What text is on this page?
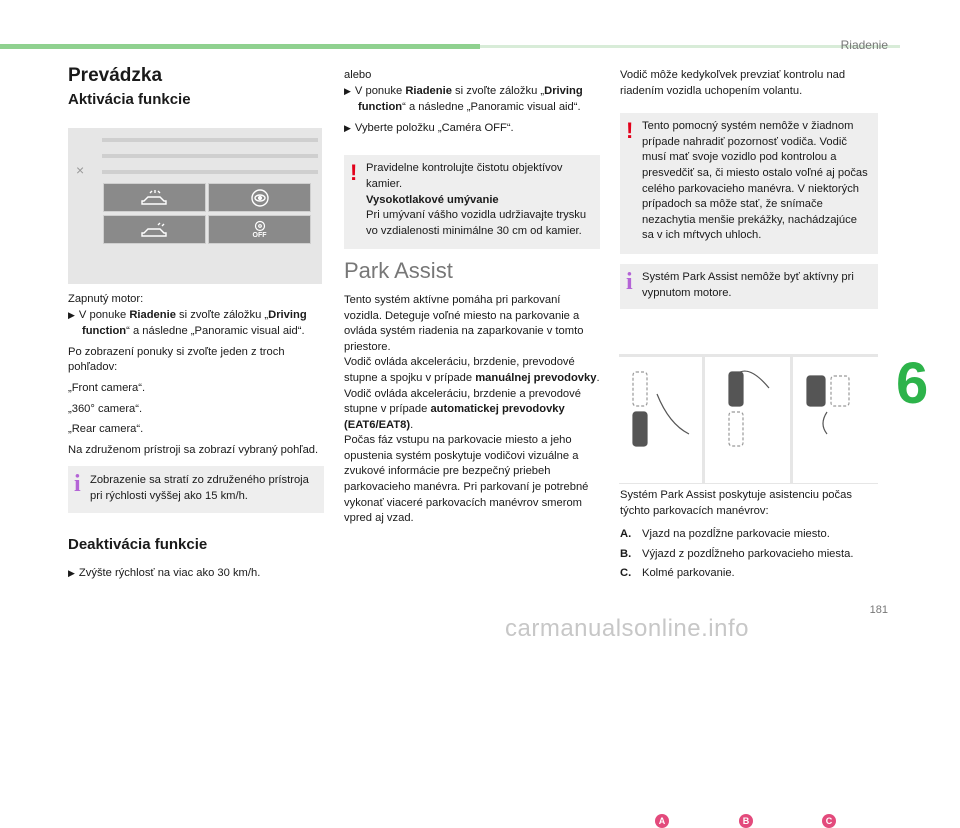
Riadenie
6
181
carmanualsonline.info
Prevádzka
Aktivácia funkcie
×
OFF

Zapnutý motor:

▶ V ponuke Riadenie si zvoľte záložku „Driving function“ a následne „Panoramic visual aid“.

Po zobrazení ponuky si zvoľte jeden z troch pohľadov:

„Front camera“.

„360° camera“.

„Rear camera“.

Na združenom prístroji sa zobrazí vybraný pohľad.

i Zobrazenie sa stratí zo združeného prístroja pri rýchlosti vyššej ako 15 km/h.
Deaktivácia funkcie

▶ Zvýšte rýchlosť na viac ako 30 km/h.

alebo

▶ V ponuke Riadenie si zvoľte záložku „Driving function“ a následne „Panoramic visual aid“.

▶ Vyberte položku „Caméra OFF“.

! Pravidelne kontrolujte čistotu objektívov kamier.
Vysokotlakové umývanie
Pri umývaní vášho vozidla udržiavajte trysku vo vzdialenosti minimálne 30 cm od kamier.
Park Assist

Tento systém aktívne pomáha pri parkovaní vozidla. Deteguje voľné miesto na parkovanie a ovláda systém riadenia na zaparkovanie v tomto priestore.

Vodič ovláda akceleráciu, brzdenie, prevodové stupne a spojku v prípade manuálnej prevodovky.

Vodič ovláda akceleráciu, brzdenie a prevodové stupne v prípade automatickej prevodovky (EAT6/EAT8).

Počas fáz vstupu na parkovacie miesto a jeho opustenia systém poskytuje vodičovi vizuálne a zvukové informácie pre bezpečný priebeh parkovacieho manévra. Pri parkovaní je potrebné vykonať viaceré parkovacích manévrov smerom vpred aj vzad.

Vodič môže kedykoľvek prevziať kontrolu nad riadením vozidla uchopením volantu.

! Tento pomocný systém nemôže v žiadnom prípade nahradiť pozornosť vodiča. Vodič musí mať svoje vozidlo pod kontrolou a presvedčiť sa, či miesto ostalo voľné aj počas celého parkovacieho manévra. V niektorých prípadoch sa môže stať, že snímače nezachytia menšie prekážky, nachádzajúce sa v ich mŕtvych uhloch.
i Systém Park Assist nemôže byť aktívny pri vypnutom motore.
A	B	C

Systém Park Assist poskytuje asistenciu počas týchto parkovacích manévrov:

A. Vjazd na pozdĺžne parkovacie miesto.
B. Výjazd z pozdĺžneho parkovacieho miesta.
C. Kolmé parkovanie.
